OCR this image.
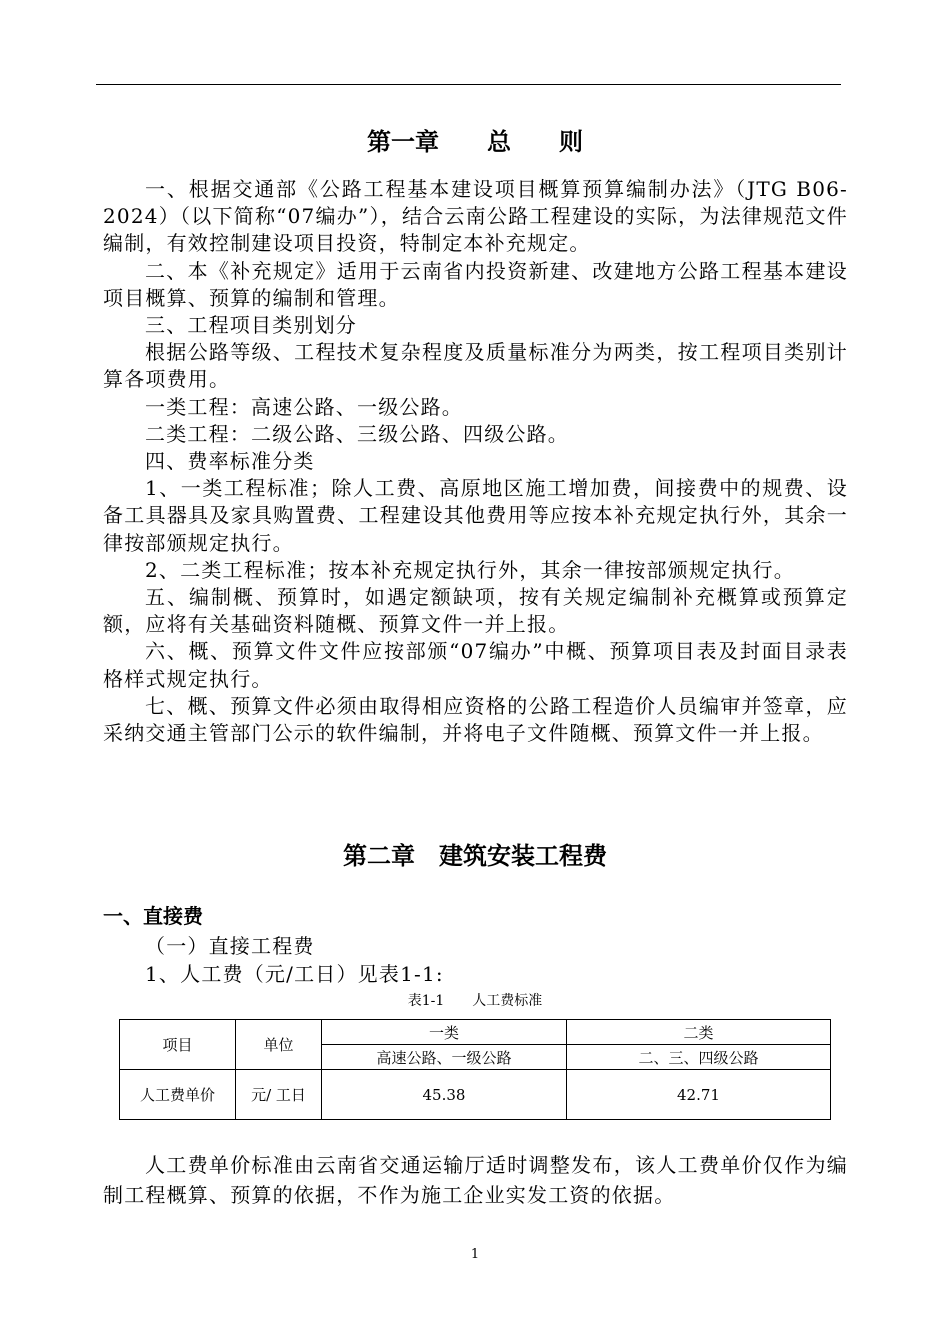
第一章　　总　　则

一、根据交通部《公路工程基本建设项目概算预算编制办法》（JTG B06-2024）（以下简称“07编办”），结合云南公路工程建设的实际，为法律规范文件编制，有效控制建设项目投资，特制定本补充规定。

二、本《补充规定》适用于云南省内投资新建、改建地方公路工程基本建设项目概算、预算的编制和管理。

三、工程项目类别划分

根据公路等级、工程技术复杂程度及质量标准分为两类，按工程项目类别计算各项费用。

一类工程：高速公路、一级公路。

二类工程：二级公路、三级公路、四级公路。

四、费率标准分类

1、一类工程标准；除人工费、高原地区施工增加费，间接费中的规费、设备工具器具及家具购置费、工程建设其他费用等应按本补充规定执行外，其余一律按部颁规定执行。

2、二类工程标准；按本补充规定执行外，其余一律按部颁规定执行。

五、编制概、预算时，如遇定额缺项，按有关规定编制补充概算或预算定额，应将有关基础资料随概、预算文件一并上报。

六、概、预算文件文件应按部颁“07编办”中概、预算项目表及封面目录表格样式规定执行。

七、概、预算文件必须由取得相应资格的公路工程造价人员编审并签章，应采纳交通主管部门公示的软件编制，并将电子文件随概、预算文件一并上报。

第二章　建筑安装工程费
一、直接费
（一）直接工程费
1、人工费（元/工日）见表1-1:
表1-1　　人工费标准
项目	单位	一类	二类
		高速公路、一级公路	二、三、四级公路
人工费单价	元/ 工日	45.38	42.71

人工费单价标准由云南省交通运输厅适时调整发布，该人工费单价仅作为编制工程概算、预算的依据，不作为施工企业实发工资的依据。

1
